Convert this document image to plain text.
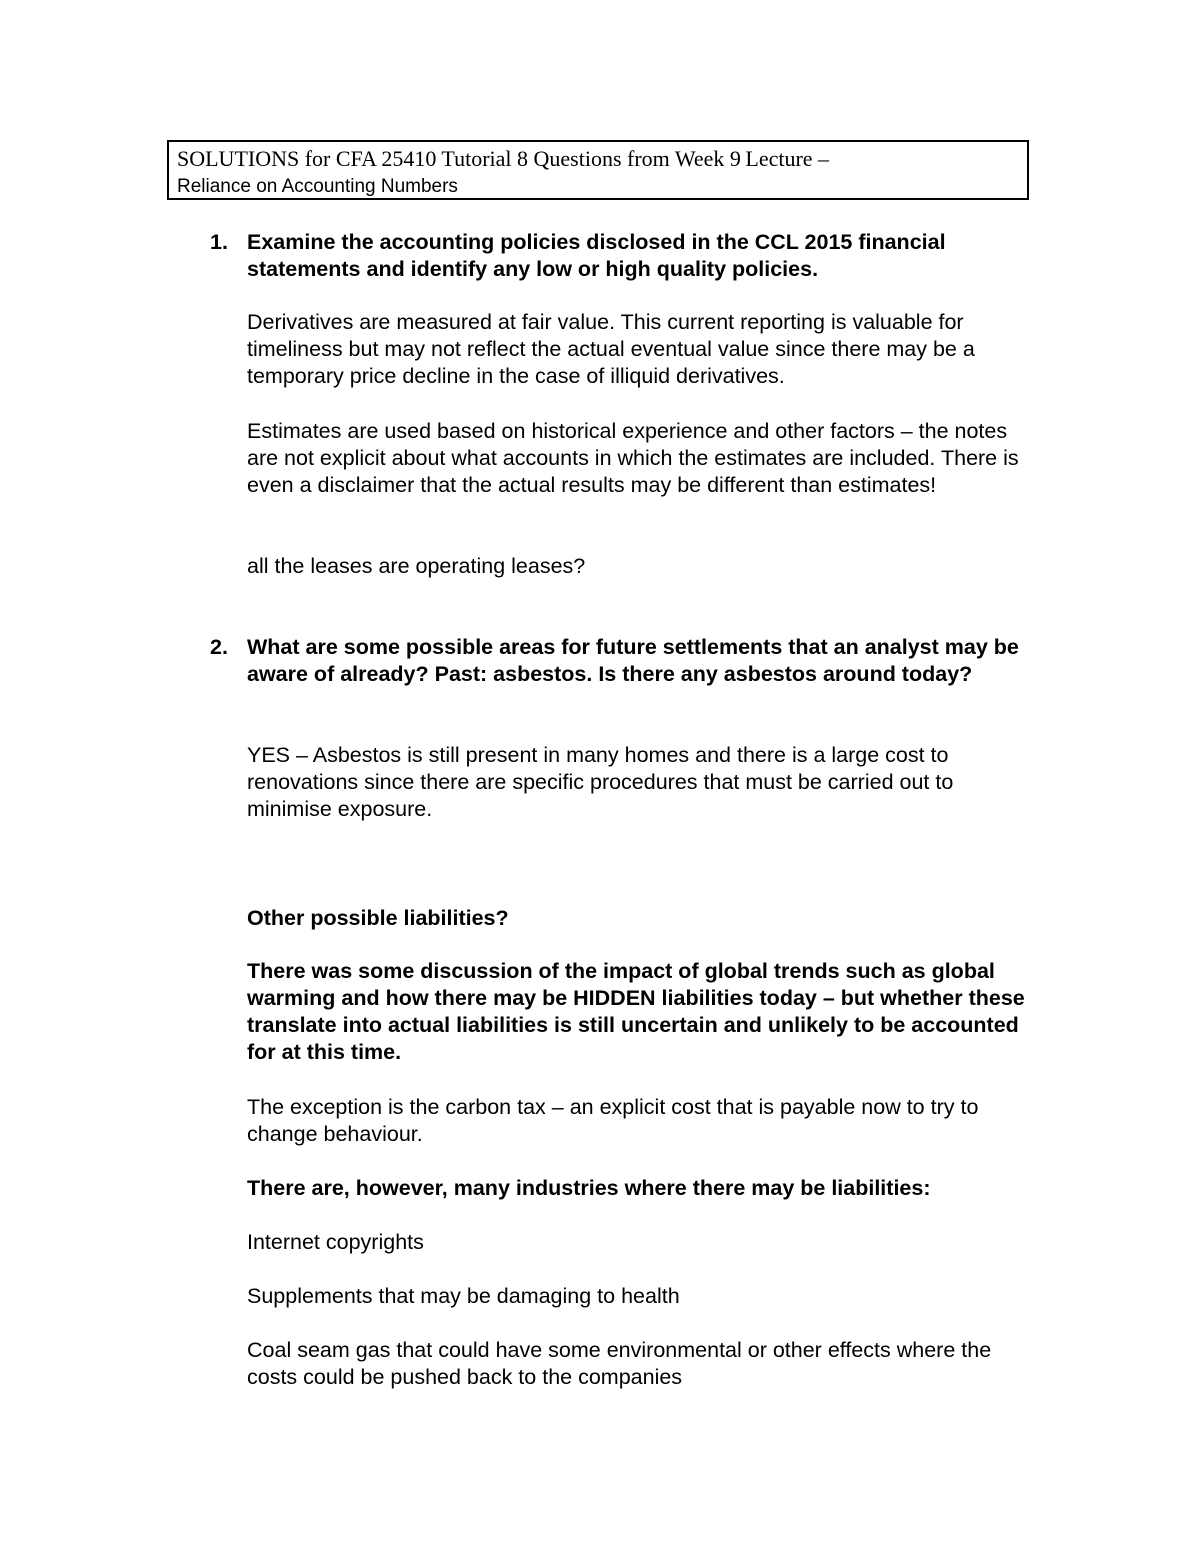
SOLUTIONS for CFA 25410 Tutorial 8 Questions from Week 9 Lecture –
Reliance on Accounting Numbers
1. Examine the accounting policies disclosed in the CCL 2015 financial statements and identify any low or high quality policies.

Derivatives are measured at fair value. This current reporting is valuable for timeliness but may not reflect the actual eventual value since there may be a temporary price decline in the case of illiquid derivatives.

Estimates are used based on historical experience and other factors – the notes are not explicit about what accounts in which the estimates are included. There is even a disclaimer that the actual results may be different than estimates!

all the leases are operating leases?

2. What are some possible areas for future settlements that an analyst may be aware of already? Past: asbestos. Is there any asbestos around today?

YES – Asbestos is still present in many homes and there is a large cost to renovations since there are specific procedures that must be carried out to minimise exposure.

Other possible liabilities?

There was some discussion of the impact of global trends such as global warming and how there may be HIDDEN liabilities today – but whether these translate into actual liabilities is still uncertain and unlikely to be accounted for at this time.

The exception is the carbon tax – an explicit cost that is payable now to try to change behaviour.

There are, however, many industries where there may be liabilities:

Internet copyrights

Supplements that may be damaging to health

Coal seam gas that could have some environmental or other effects where the costs could be pushed back to the companies
